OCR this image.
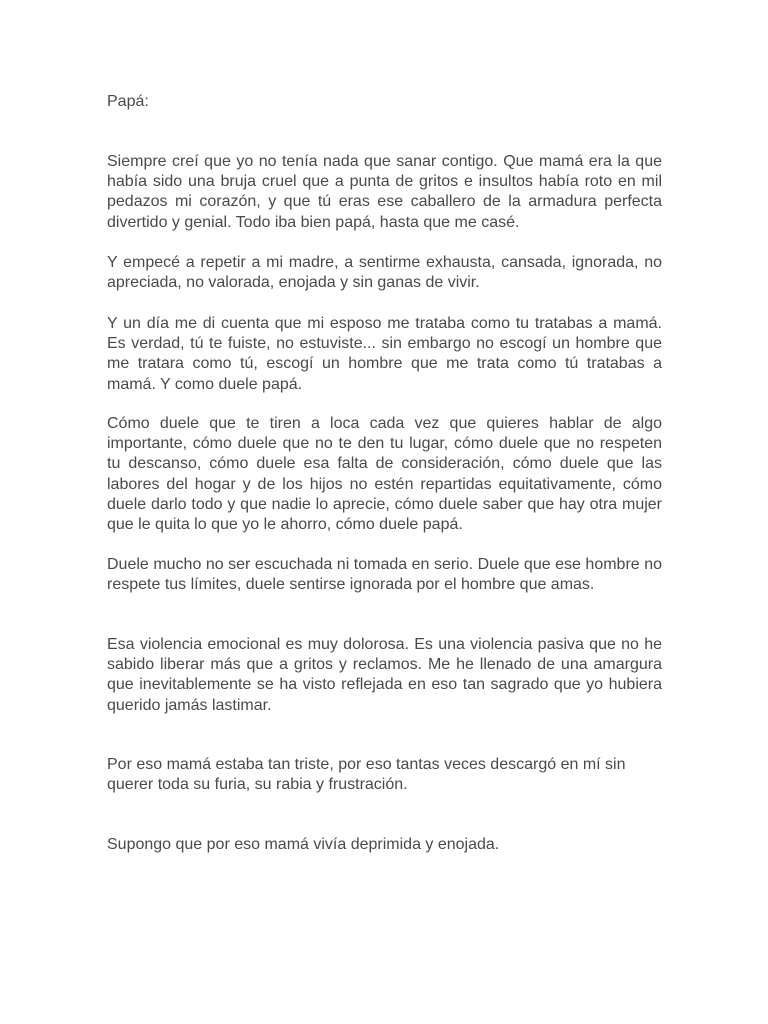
Papá:

Siempre creí que yo no tenía nada que sanar contigo. Que mamá era la que había sido una bruja cruel que a punta de gritos e insultos había roto en mil pedazos mi corazón, y que tú eras ese caballero de la armadura perfecta divertido y genial. Todo iba bien papá, hasta que me casé.

Y empecé a repetir a mi madre, a sentirme exhausta, cansada, ignorada, no apreciada, no valorada, enojada y sin ganas de vivir.

Y un día me di cuenta que mi esposo me trataba como tu tratabas a mamá. Es verdad, tú te fuiste, no estuviste... sin embargo no escogí un hombre que me tratara como tú, escogí un hombre que me trata como tú tratabas a mamá. Y como duele papá.

Cómo duele que te tiren a loca cada vez que quieres hablar de algo importante, cómo duele que no te den tu lugar, cómo duele que no respeten tu descanso, cómo duele esa falta de consideración, cómo duele que las labores del hogar y de los hijos no estén repartidas equitativamente, cómo duele darlo todo y que nadie lo aprecie, cómo duele saber que hay otra mujer que le quita lo que yo le ahorro, cómo duele papá.

Duele mucho no ser escuchada ni tomada en serio. Duele que ese hombre no respete tus límites, duele sentirse ignorada por el hombre que amas.

Esa violencia emocional es muy dolorosa. Es una violencia pasiva que no he sabido liberar más que a gritos y reclamos. Me he llenado de una amargura que inevitablemente se ha visto reflejada en eso tan sagrado que yo hubiera querido jamás lastimar.

Por eso mamá estaba tan triste, por eso tantas veces descargó en mí sin querer toda su furia, su rabia y frustración.

Supongo que por eso mamá vivía deprimida y enojada.
